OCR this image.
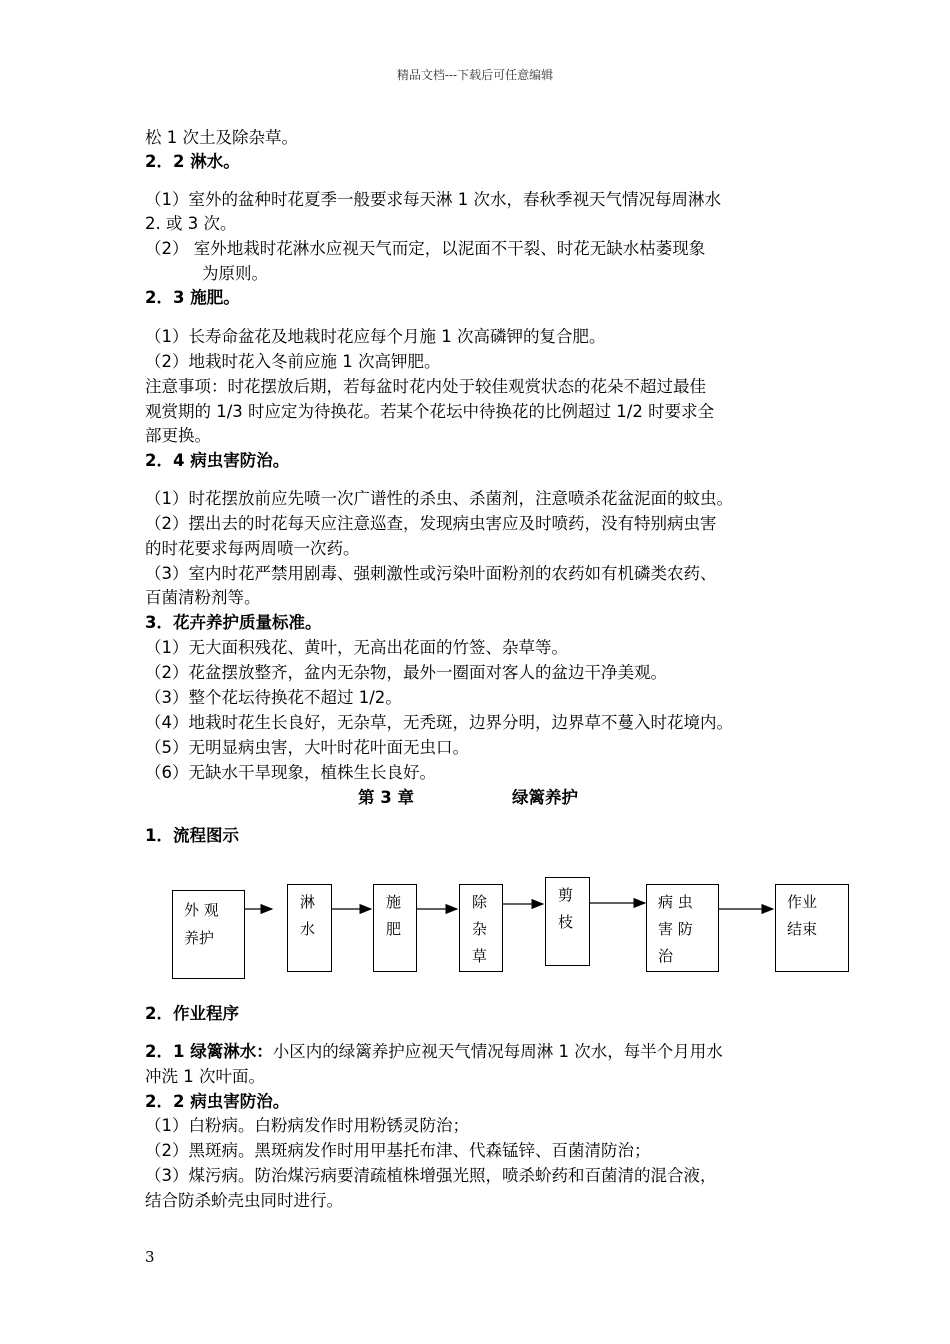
精品文档---下载后可任意编辑
松 1 次土及除杂草。
2．2 淋水。
（1）室外的盆种时花夏季一般要求每天淋 1 次水，春秋季视天气情况每周淋水
2. 或 3 次。
（2） 室外地栽时花淋水应视天气而定，以泥面不干裂、时花无缺水枯萎现象
为原则。
2．3 施肥。
（1）长寿命盆花及地栽时花应每个月施 1 次高磷钾的复合肥。
（2）地栽时花入冬前应施 1 次高钾肥。
注意事项：时花摆放后期，若每盆时花内处于较佳观赏状态的花朵不超过最佳
观赏期的 1/3 时应定为待换花。若某个花坛中待换花的比例超过 1/2 时要求全
部更换。
2．4 病虫害防治。
（1）时花摆放前应先喷一次广谱性的杀虫、杀菌剂，注意喷杀花盆泥面的蚊虫。
（2）摆出去的时花每天应注意巡查，发现病虫害应及时喷药，没有特别病虫害
的时花要求每两周喷一次药。
（3）室内时花严禁用剧毒、强刺激性或污染叶面粉剂的农药如有机磷类农药、
百菌清粉剂等。
3．花卉养护质量标准。
（1）无大面积残花、黄叶，无高出花面的竹签、杂草等。
（2）花盆摆放整齐，盆内无杂物，最外一圈面对客人的盆边干净美观。
（3）整个花坛待换花不超过 1/2。
（4）地栽时花生长良好，无杂草，无秃斑，边界分明，边界草不蔓入时花境内。
（5）无明显病虫害，大叶时花叶面无虫口。
（6）无缺水干旱现象，植株生长良好。
第 3 章	绿篱养护
1．流程图示
外 观
养护
淋
水
施
肥
除
杂
草
剪
枝
病 虫
害 防
治
作业
结束
2．作业程序
2．1 绿篱淋水：小区内的绿篱养护应视天气情况每周淋 1 次水，每半个月用水
冲洗 1 次叶面。
2．2 病虫害防治。
（1）白粉病。白粉病发作时用粉锈灵防治；
（2）黑斑病。黑斑病发作时用甲基托布津、代森锰锌、百菌清防治；
（3）煤污病。防治煤污病要清疏植株增强光照，喷杀蚧药和百菌清的混合液，
结合防杀蚧壳虫同时进行。
3
